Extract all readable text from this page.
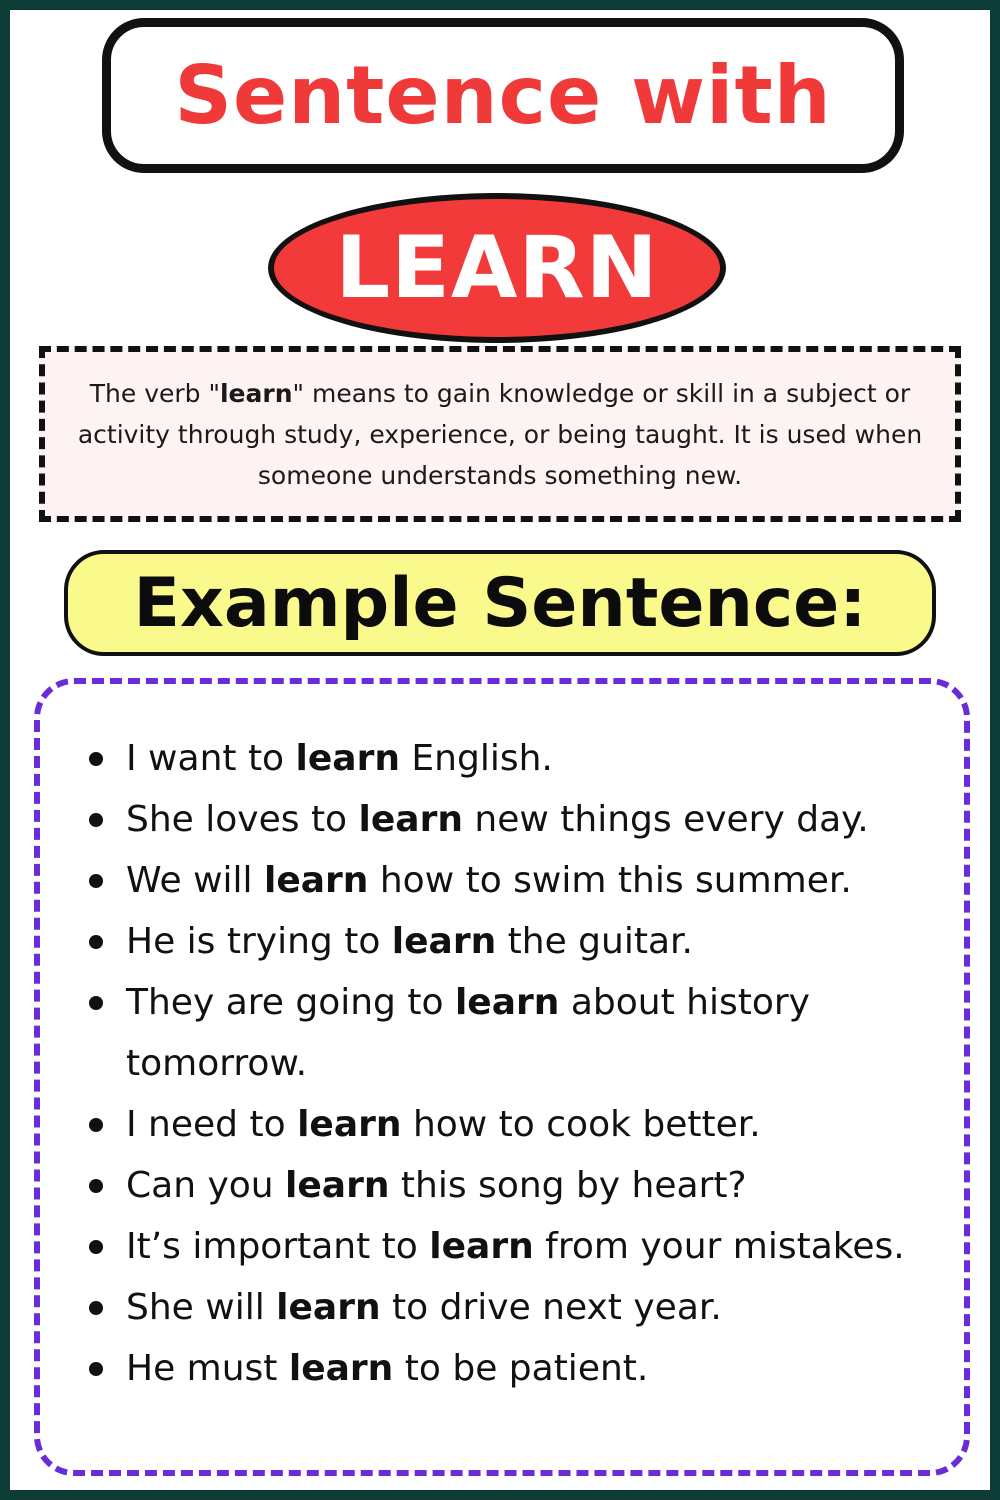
Sentence with
LEARN
The verb "learn" means to gain knowledge or skill in a subject or activity through study, experience, or being taught. It is used when someone understands something new.
Example Sentence:
I want to learn English.
She loves to learn new things every day.
We will learn how to swim this summer.
He is trying to learn the guitar.
They are going to learn about history tomorrow.
I need to learn how to cook better.
Can you learn this song by heart?
It’s important to learn from your mistakes.
She will learn to drive next year.
He must learn to be patient.
